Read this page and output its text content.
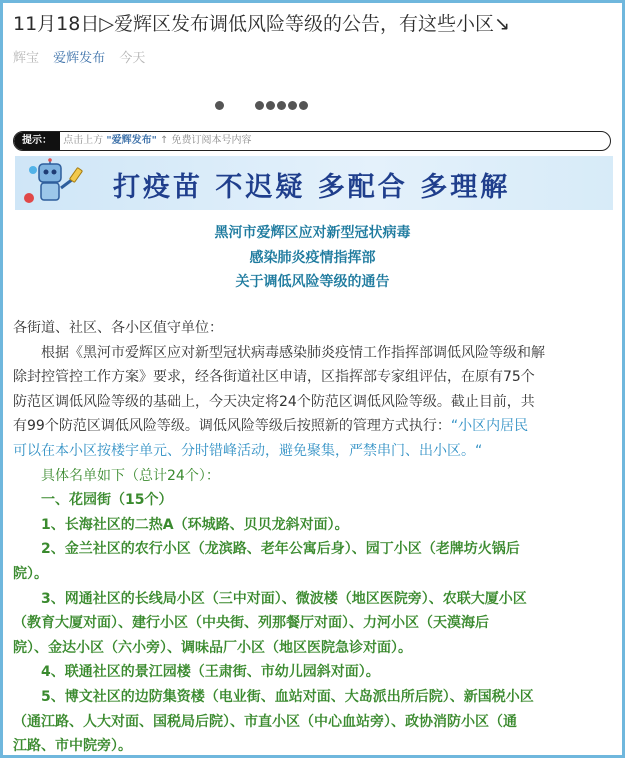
11月18日▷爱辉区发布调低风险等级的公告，有这些小区↘
辉宝 爱辉发布 今天
提示： 点击上方 "爱辉发布" ↑ 免费订阅本号内容
打疫苗 不迟疑 多配合 多理解
黑河市爱辉区应对新型冠状病毒
感染肺炎疫情指挥部
关于调低风险等级的通告

各街道、社区、各小区值守单位：

根据《黑河市爱辉区应对新型冠状病毒感染肺炎疫情工作指挥部调低风险等级和解

除封控管控工作方案》要求，经各街道社区申请，区指挥部专家组评估，在原有75个

防范区调低风险等级的基础上，今天决定将24个防范区调低风险等级。截止目前，共

有99个防范区调低风险等级。调低风险等级后按照新的管理方式执行：“小区内居民

可以在本小区按楼宇单元、分时错峰活动，避免聚集，严禁串门、出小区。“

具体名单如下（总计24个）：

一、花园街（15个）

1、长海社区的二热A（环城路、贝贝龙斜对面）。

2、金兰社区的农行小区（龙滨路、老年公寓后身）、园丁小区（老牌坊火锅后

院）。

3、网通社区的长线局小区（三中对面）、微波楼（地区医院旁）、农联大厦小区

（教育大厦对面）、建行小区（中央街、列那餐厅对面）、力河小区（天漠海后

院）、金达小区（六小旁）、调味品厂小区（地区医院急诊对面）。

4、联通社区的景江园楼（王肃街、市幼儿园斜对面）。

5、博文社区的边防集资楼（电业街、血站对面、大岛派出所后院）、新国税小区

（通江路、人大对面、国税局后院）、市直小区（中心血站旁）、政协消防小区（通

江路、市中院旁）。
